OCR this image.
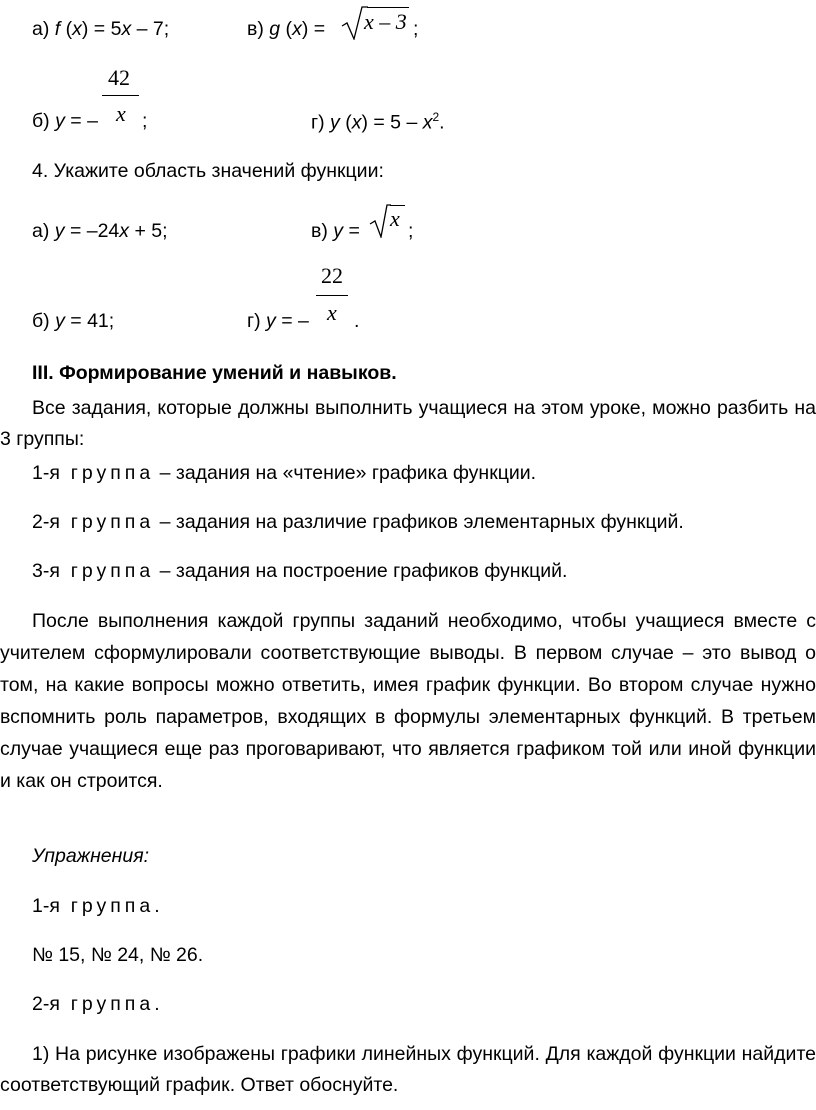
а) f (x) = 5x – 7;	в) g (x) = x – 3 ;
42
x
б) y = – ;	г) y $(x) = 5 - x^2$.
4. Укажите область значений функции:
а) y = –24x + 5;	в) y = x ;
б) y = 41;
22
x
г) y = – .
III. Формирование умений и навыков.

Все задания, которые должны выполнить учащиеся на этом уроке, можно разбить на 3 группы:

1-я группа – задания на «чтение» графика функции.
2-я группа – задания на различие графиков элементарных функций.
3-я группа – задания на построение графиков функций.

После выполнения каждой группы заданий необходимо, чтобы учащиеся вместе с учителем сформулировали соответствующие выводы. В первом случае – это вывод о том, на какие вопросы можно ответить, имея график функции. Во втором случае нужно вспомнить роль параметров, входящих в формулы элементарных функций. В третьем случае учащиеся еще раз проговаривают, что является графиком той или иной функции и как он строится.

Упражнения:
1-я группа.
№ 15, № 24, № 26.
2-я группа.

1) На рисунке изображены графики линейных функций. Для каждой функции найдите соответствующий график. Ответ обоснуйте.
